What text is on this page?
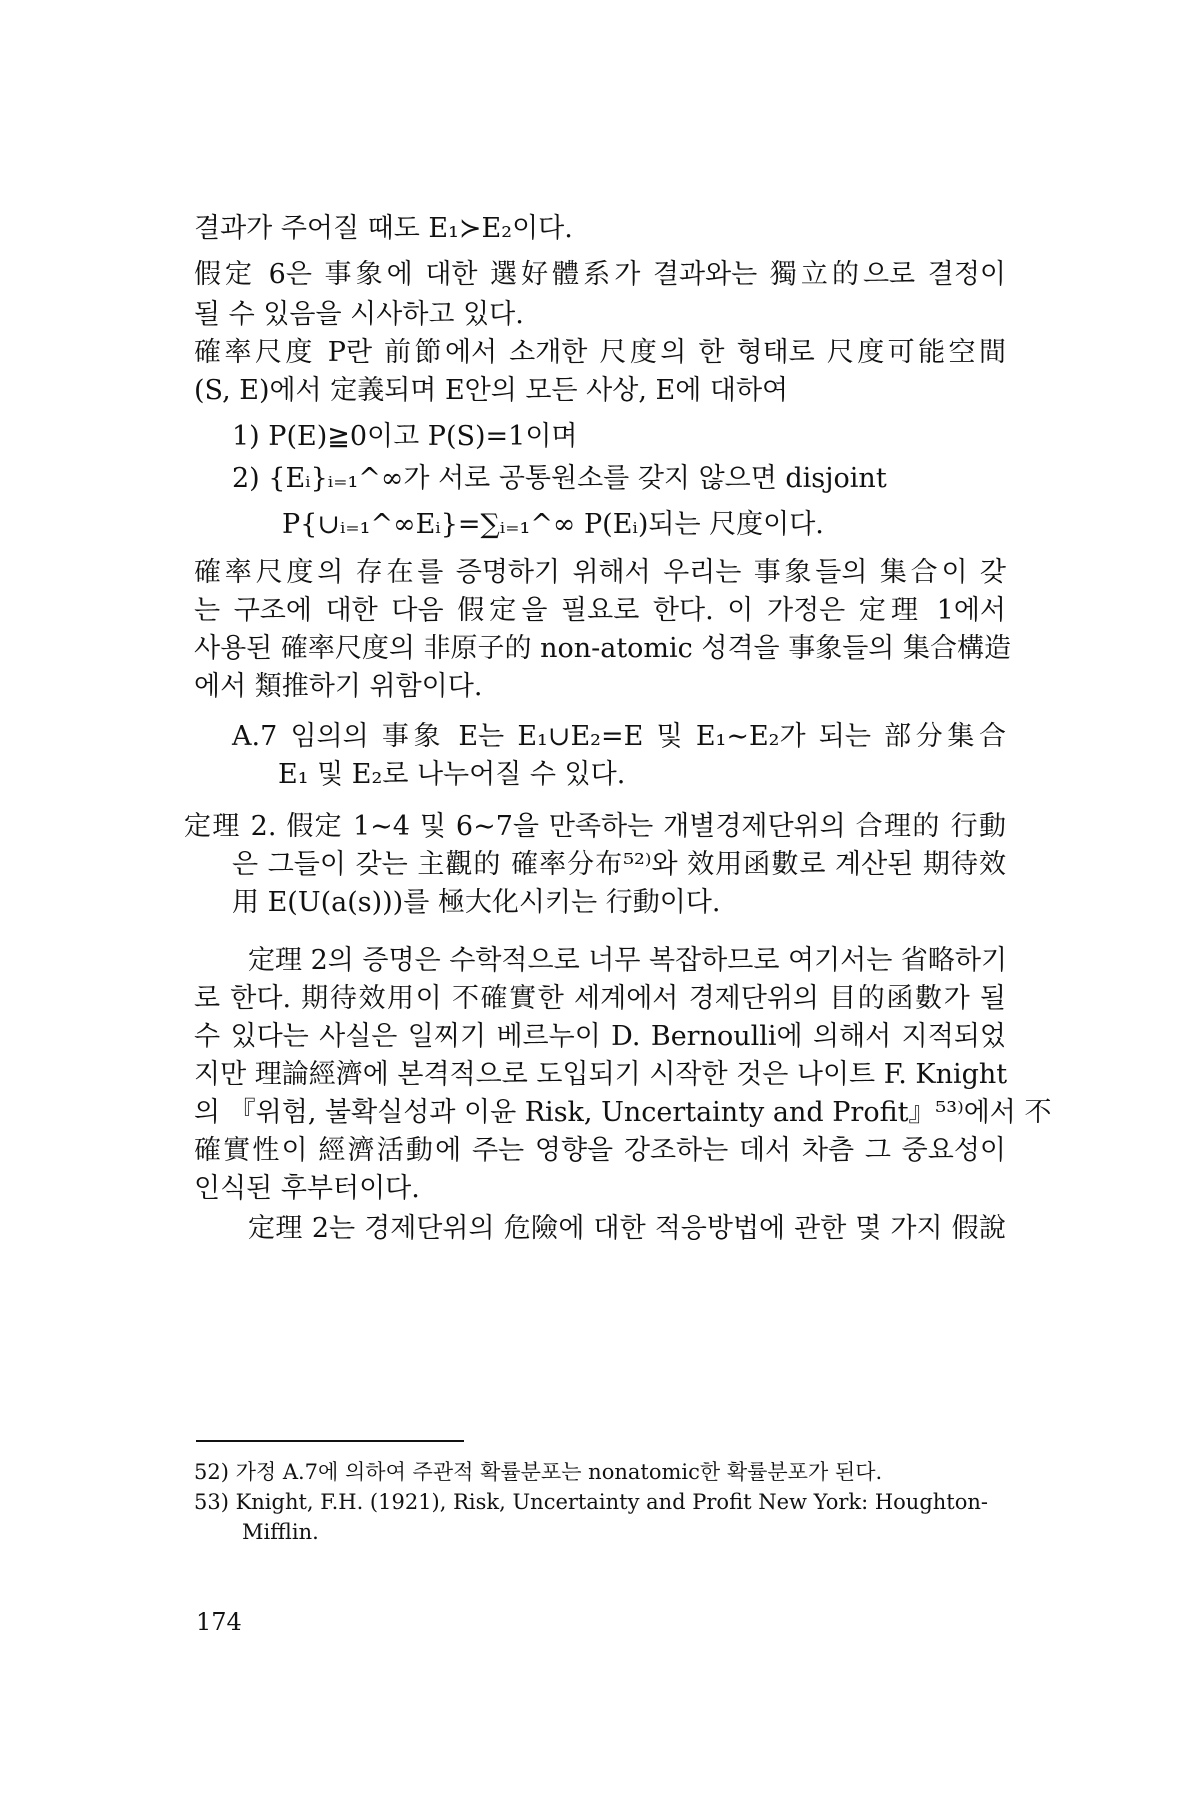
결과가 주어질 때도 E₁≻E₂이다.
假定 6은 事象에 대한 選好體系가 결과와는 獨立的으로 결정이
될 수 있음을 시사하고 있다.
確率尺度 P란 前節에서 소개한 尺度의 한 형태로 尺度可能空間
(S, E)에서 定義되며 E안의 모든 사상, E에 대하여
1) P(E)≧0이고 P(S)=1이며
2) {Eᵢ}ᵢ₌₁^∞가 서로 공통원소를 갖지 않으면 disjoint
P{∪ᵢ₌₁^∞Eᵢ}=∑ᵢ₌₁^∞ P(Eᵢ)되는 尺度이다.
確率尺度의 存在를 증명하기 위해서 우리는 事象들의 集合이 갖
는 구조에 대한 다음 假定을 필요로 한다. 이 가정은 定理 1에서
사용된 確率尺度의 非原子的 non-atomic 성격을 事象들의 集合構造
에서 類推하기 위함이다.
A.7 임의의 事象 E는 E₁∪E₂=E 및 E₁∼E₂가 되는 部分集合
E₁ 및 E₂로 나누어질 수 있다.
定理 2. 假定 1∼4 및 6∼7을 만족하는 개별경제단위의 合理的 行動
은 그들이 갖는 主觀的 確率分布⁵²⁾와 效用函數로 계산된 期待效
用 E(U(a(s)))를 極大化시키는 行動이다.
定理 2의 증명은 수학적으로 너무 복잡하므로 여기서는 省略하기
로 한다. 期待效用이 不確實한 세계에서 경제단위의 目的函數가 될
수 있다는 사실은 일찌기 베르누이 D. Bernoulli에 의해서 지적되었
지만 理論經濟에 본격적으로 도입되기 시작한 것은 나이트 F. Knight
의 『위험, 불확실성과 이윤 Risk, Uncertainty and Profit』⁵³⁾에서 不
確實性이 經濟活動에 주는 영향을 강조하는 데서 차츰 그 중요성이
인식된 후부터이다.
定理 2는 경제단위의 危險에 대한 적응방법에 관한 몇 가지 假說
52) 가정 A.7에 의하여 주관적 확률분포는 nonatomic한 확률분포가 된다.
53) Knight, F.H. (1921), Risk, Uncertainty and Profit New York: Houghton-
Mifflin.
174
